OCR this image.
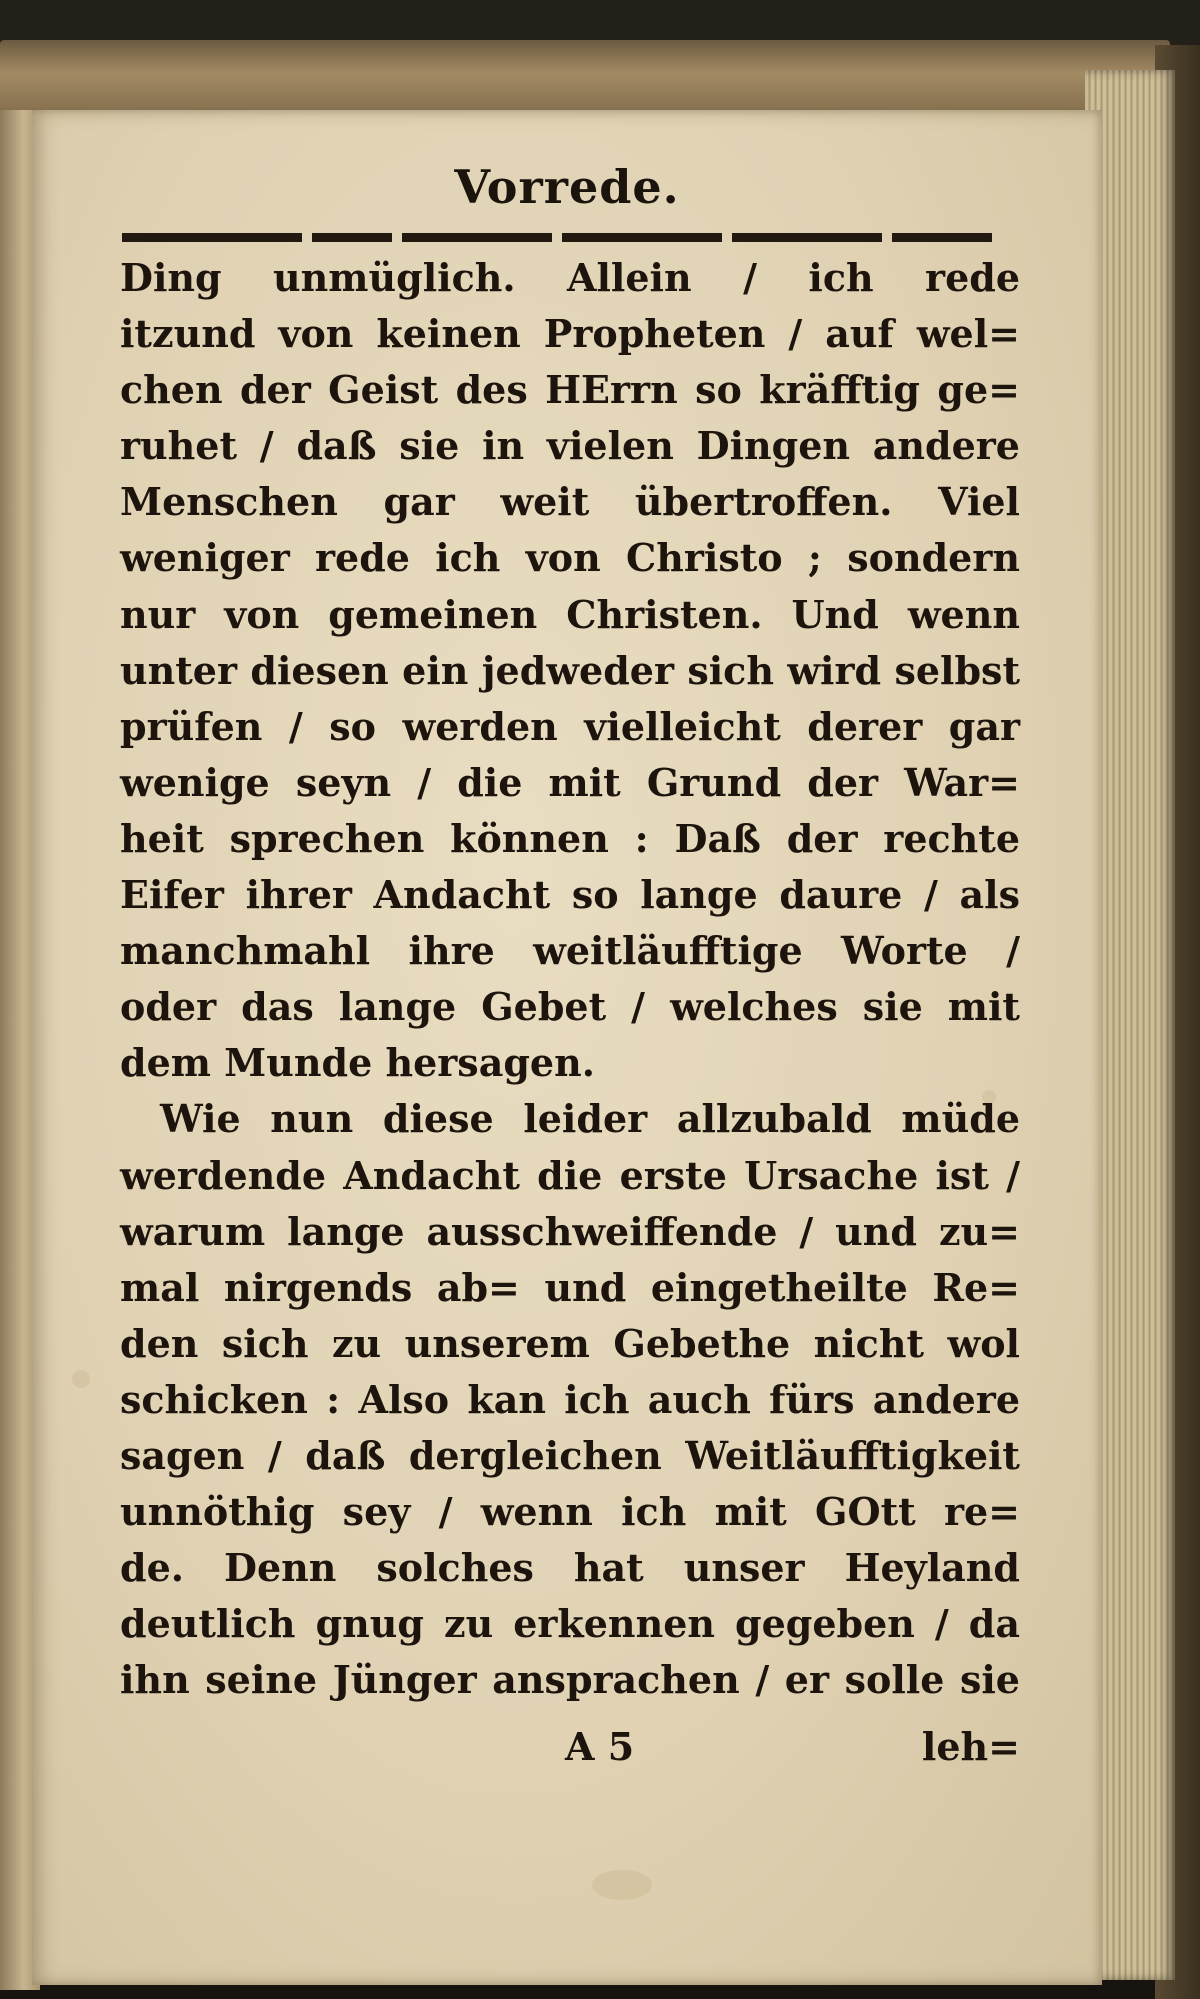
Vorrede.
Ding unmüglich. Allein / ich rede
itzund von keinen Propheten / auf wel=
chen der Geist des HErrn so kräfftig ge=
ruhet / daß sie in vielen Dingen andere
Menschen gar weit übertroffen. Viel
weniger rede ich von Christo ; sondern
nur von gemeinen Christen. Und wenn
unter diesen ein jedweder sich wird selbst
prüfen / so werden vielleicht derer gar
wenige seyn / die mit Grund der War=
heit sprechen können : Daß der rechte
Eifer ihrer Andacht so lange daure / als
manchmahl ihre weitläufftige Worte /
oder das lange Gebet / welches sie mit
dem Munde hersagen.
Wie nun diese leider allzubald müde
werdende Andacht die erste Ursache ist /
warum lange ausschweiffende / und zu=
mal nirgends ab= und eingetheilte Re=
den sich zu unserem Gebethe nicht wol
schicken : Also kan ich auch fürs andere
sagen / daß dergleichen Weitläufftigkeit
unnöthig sey / wenn ich mit GOtt re=
de. Denn solches hat unser Heyland
deutlich gnug zu erkennen gegeben / da
ihn seine Jünger ansprachen / er solle sie
A 5	leh=
